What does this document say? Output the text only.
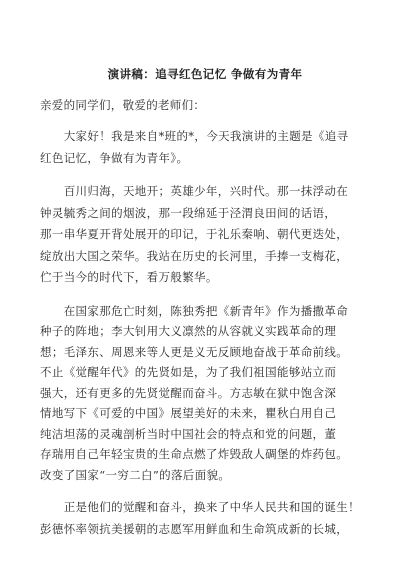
演讲稿：追寻红色记忆 争做有为青年
亲爱的同学们，敬爱的老师们：
　　大家好！我是来自*班的*，今天我演讲的主题是《追寻
红色记忆，争做有为青年》。
　　百川归海，天地开；英雄少年，兴时代。那一抹浮动在
钟灵毓秀之间的烟波，那一段绵延于泾渭良田间的话语，
那一串华夏开背处展开的印记，于礼乐秦响、朝代更迭处，
绽放出大国之荣华。我站在历史的长河里，手捧一支梅花，
伫于当今的时代下，看万般繁华。
　　在国家那危亡时刻，陈独秀把《新青年》作为播撒革命
种子的阵地；李大钊用大义凛然的从容就义实践革命的理
想；毛泽东、周恩来等人更是义无反顾地奋战于革命前线。
不止《觉醒年代》的先贤如是，为了我们祖国能够站立而
强大，还有更多的先贤觉醒而奋斗。方志敏在狱中饱含深
情地写下《可爱的中国》展望美好的未来，瞿秋白用自己
纯洁坦荡的灵魂剖析当时中国社会的特点和党的问题，董
存瑞用自己年轻宝贵的生命点燃了炸毁敌人碉堡的炸药包。
改变了国家“一穷二白”的落后面貌。
　　正是他们的觉醒和奋斗，换来了中华人民共和国的诞生！
彭德怀率领抗美援朝的志愿军用鲜血和生命筑成新的长城，
